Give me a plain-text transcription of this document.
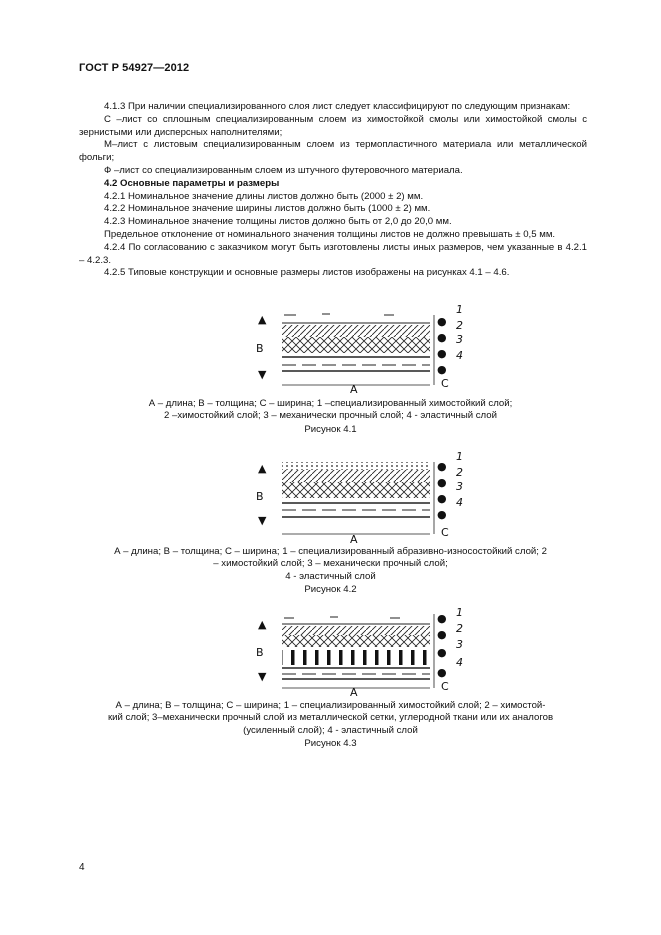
ГОСТ Р 54927—2012

4.1.3 При наличии специализированного слоя лист следует классифицируют по следующим признакам:

С –лист со сплошным специализированным слоем из химостойкой смолы или химостойкой смолы с зернистыми или дисперсных наполнителями;

М–лист с листовым специализированным слоем из термопластичного материала или металлической фольги;

Ф –лист со специализированным слоем из штучного футеровочного материала.

4.2 Основные параметры и размеры

4.2.1 Номинальное значение длины листов должно быть (2000 ± 2) мм.

4.2.2 Номинальное значение ширины листов должно быть (1000 ± 2) мм.

4.2.3 Номинальное значение толщины листов должно быть от 2,0 до 20,0 мм.

Предельное отклонение от номинального значения толщины листов не должно превышать ± 0,5 мм.

4.2.4 По согласованию с заказчиком могут быть изготовлены листы иных размеров, чем указанные в 4.2.1 – 4.2.3.

4.2.5 Типовые конструкции и основные размеры листов изображены на рисунках 4.1 – 4.6.

▲
В
▼
А
●
●
●
●
1
2
3
4
С
А – длина; В – толщина; С – ширина; 1 –специализированный химостойкий слой;
2 –химостойкий слой; 3 – механически прочный слой; 4 - эластичный слой
Рисунок 4.1
▲
В
▼
А
●
●
●
●
1
2
3
4
С
А – длина; В – толщина; С – ширина; 1 – специализированный абразивно-износостойкий слой; 2
– химостойкий слой; 3 – механически прочный слой;
4 - эластичный слой
Рисунок 4.2
▲
В
▼
А
●
●
●
●
1
2
3
4
С
А – длина; В – толщина; С – ширина; 1 – специализированный химостойкий слой; 2 – химостой-
кий слой; 3–механически прочный слой из металлической сетки, углеродной ткани или их аналогов
(усиленный слой); 4 - эластичный слой
Рисунок 4.3
4
